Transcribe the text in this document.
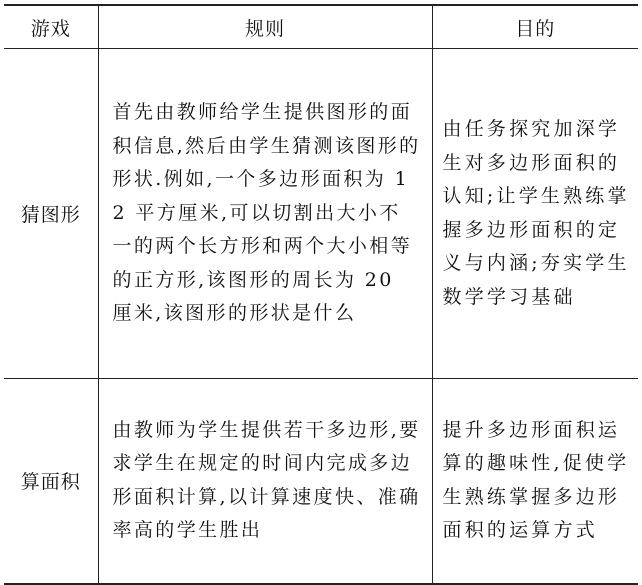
游戏	规则	目的
猜图形	首先由教师给学生提供图形的面积信息,然后由学生猜测该图形的形状.例如,一个多边形面积为 12 平方厘米,可以切割出大小不一的两个长方形和两个大小相等的正方形,该图形的周长为 20 厘米,该图形的形状是什么	由任务探究加深学生对多边形面积的认知;让学生熟练掌握多边形面积的定义与内涵;夯实学生数学学习基础

算面积	由教师为学生提供若干多边形,要求学生在规定的时间内完成多边形面积计算,以计算速度快、准确率高的学生胜出	提升多边形面积运算的趣味性,促使学生熟练掌握多边形面积的运算方式
